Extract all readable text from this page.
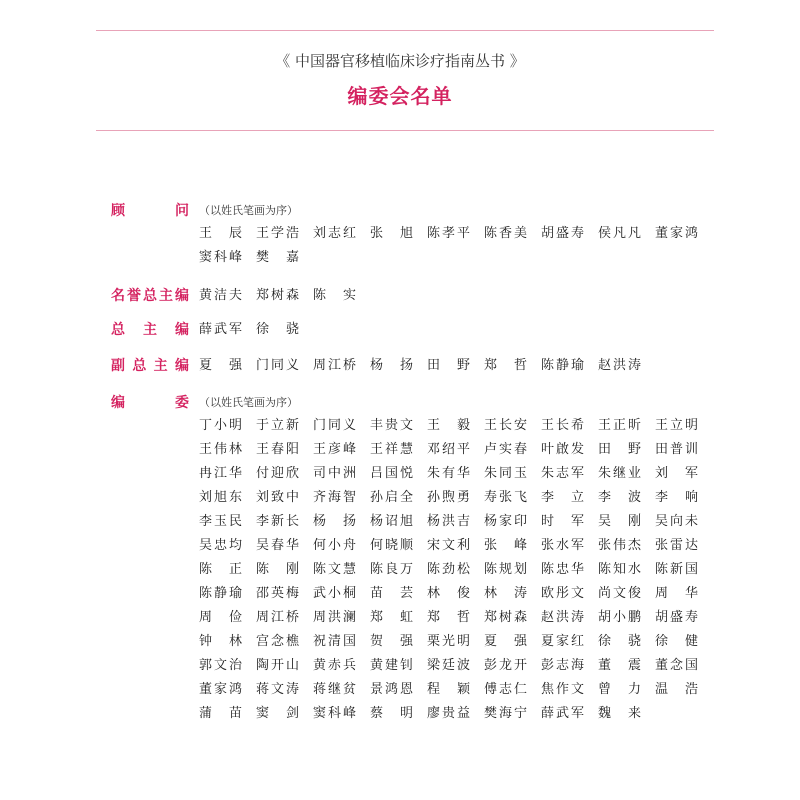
《 中国器官移植临床诊疗指南丛书 》
编委会名单
顾	问 （以姓氏笔画为序）
王 辰 王 学 浩 刘 志 红 张 旭 陈 孝 平 陈 香 美 胡 盛 寿 侯 凡 凡 董 家 鸿
窦 科 峰 樊 嘉
名 誉 总 主 编 黄 洁 夫 郑 树 森 陈 实
总 主 编 薛 武 军 徐 骁
副 总 主 编 夏 强 门 同 义 周 江 桥 杨 扬 田 野 郑 哲 陈 静 瑜 赵 洪 涛
编	委 （以姓氏笔画为序）
丁 小 明 于 立 新 门 同 义 丰 贵 文 王 毅 王 长 安 王 长 希 王 正 昕 王 立 明
王 伟 林 王 春 阳 王 彦 峰 王 祥 慧 邓 绍 平 卢 实 春 叶 啟 发 田 野 田 普 训
冉 江 华 付 迎 欣 司 中 洲 吕 国 悦 朱 有 华 朱 同 玉 朱 志 军 朱 继 业 刘 军
刘 旭 东 刘 致 中 齐 海 智 孙 启 全 孙 煦 勇 寿 张 飞 李 立 李 波 李 响
李 玉 民 李 新 长 杨 扬 杨 诏 旭 杨 洪 吉 杨 家 印 时 军 吴 刚 吴 向 未
吴 忠 均 吴 春 华 何 小 舟 何 晓 顺 宋 文 利 张 峰 张 水 军 张 伟 杰 张 雷 达
陈 正 陈 刚 陈 文 慧 陈 良 万 陈 劲 松 陈 规 划 陈 忠 华 陈 知 水 陈 新 国
陈 静 瑜 邵 英 梅 武 小 桐 苗 芸 林 俊 林 涛 欧 彤 文 尚 文 俊 周 华
周 俭 周 江 桥 周 洪 澜 郑 虹 郑 哲 郑 树 森 赵 洪 涛 胡 小 鹏 胡 盛 寿
钟 林 宫 念 樵 祝 清 国 贺 强 栗 光 明 夏 强 夏 家 红 徐 骁 徐 健
郭 文 治 陶 开 山 黄 赤 兵 黄 建 钊 梁 廷 波 彭 龙 开 彭 志 海 董 震 董 念 国
董 家 鸿 蒋 文 涛 蒋 继 贫 景 鸿 恩 程 颖 傅 志 仁 焦 作 文 曾 力 温 浩
蒲 苗 窦 剑 窦 科 峰 蔡 明 廖 贵 益 樊 海 宁 薛 武 军 魏 来
